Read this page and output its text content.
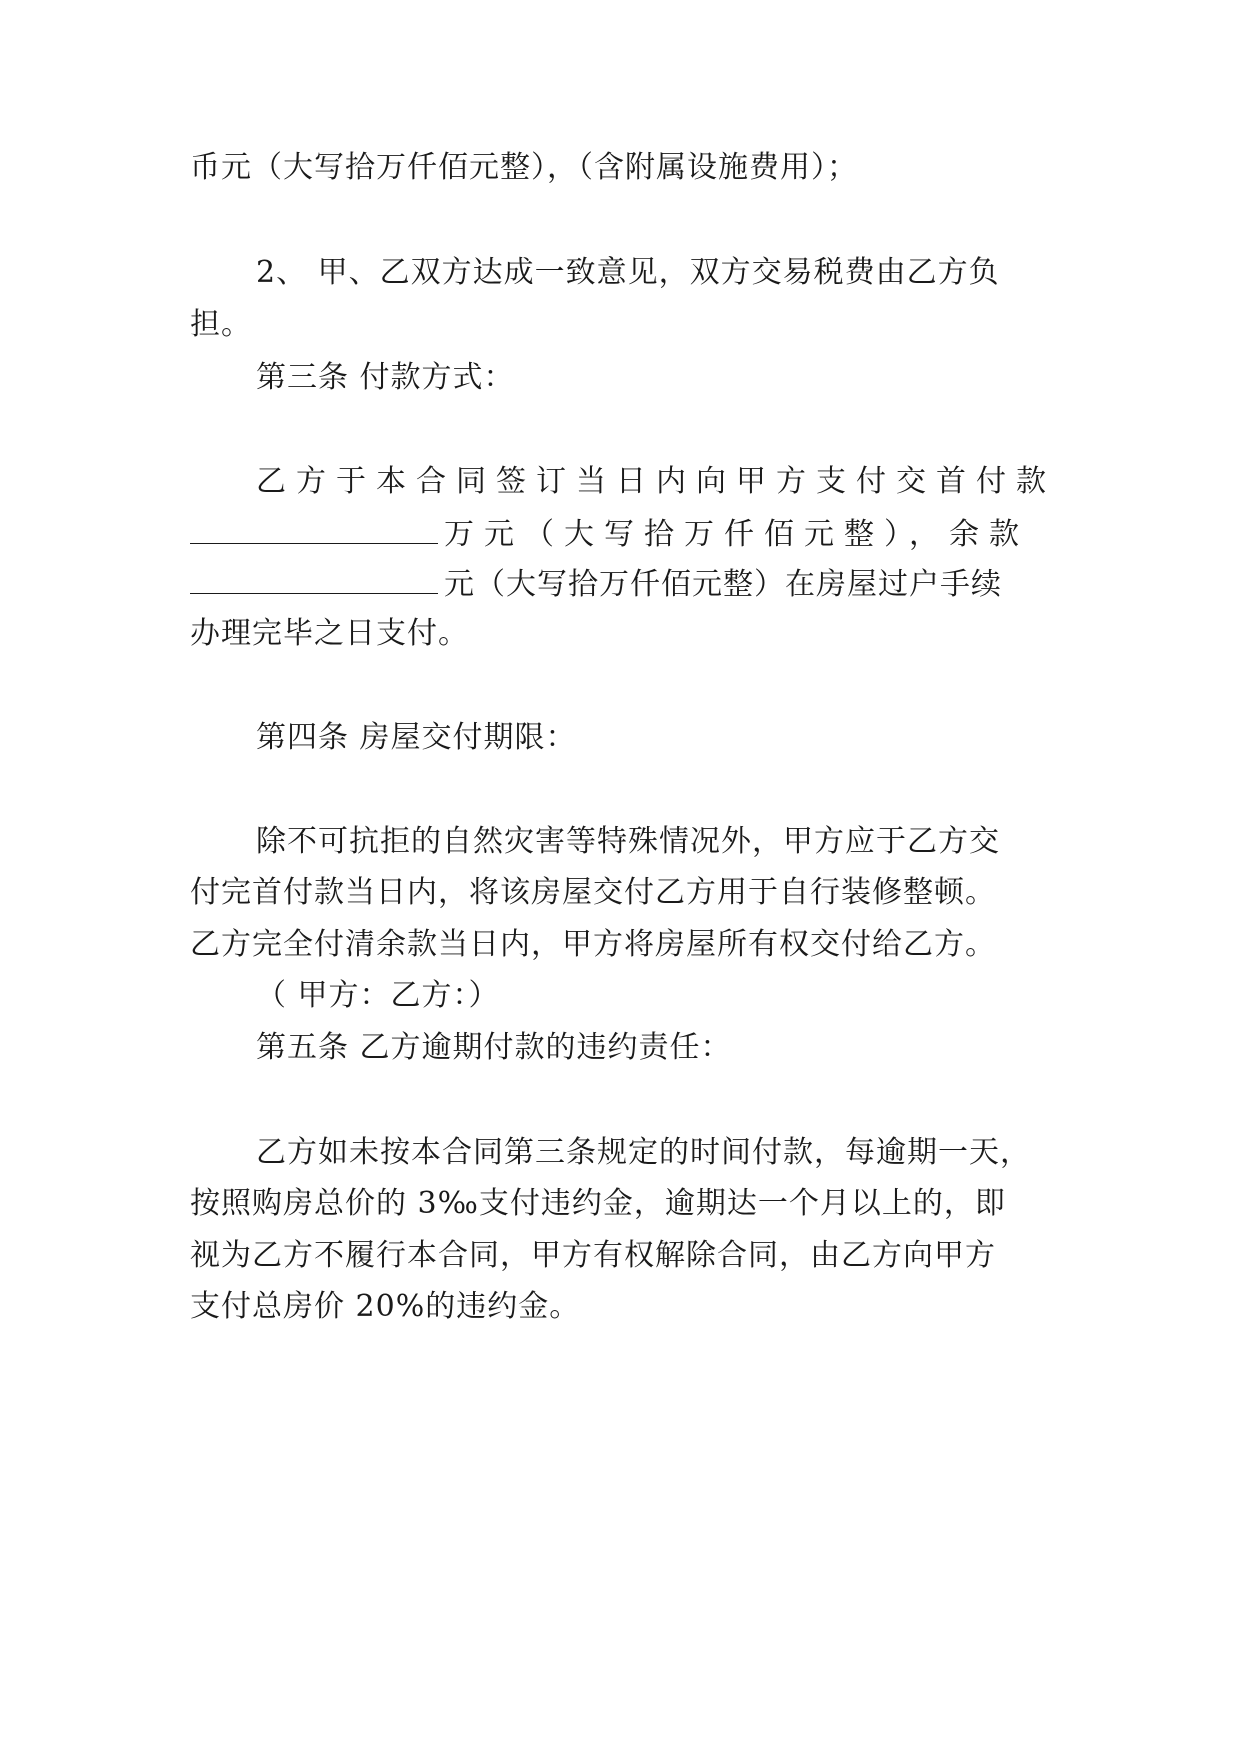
币元（大写拾万仟佰元整），（含附属设施费用）；
2、 甲、乙双方达成一致意见，双方交易税费由乙方负
担。
第三条 付款方式：
乙方于本合同签订当日内向甲方支付交首付款
万元（大写拾万仟佰元整），余款
元（大写拾万仟佰元整）在房屋过户手续
办理完毕之日支付。
第四条 房屋交付期限：
除不可抗拒的自然灾害等特殊情况外，甲方应于乙方交
付完首付款当日内，将该房屋交付乙方用于自行装修整顿。
乙方完全付清余款当日内，甲方将房屋所有权交付给乙方。
（ 甲方：乙方：）
第五条 乙方逾期付款的违约责任：
乙方如未按本合同第三条规定的时间付款，每逾期一天，
按照购房总价的 3‰支付违约金，逾期达一个月以上的，即
视为乙方不履行本合同，甲方有权解除合同，由乙方向甲方
支付总房价 20%的违约金。
